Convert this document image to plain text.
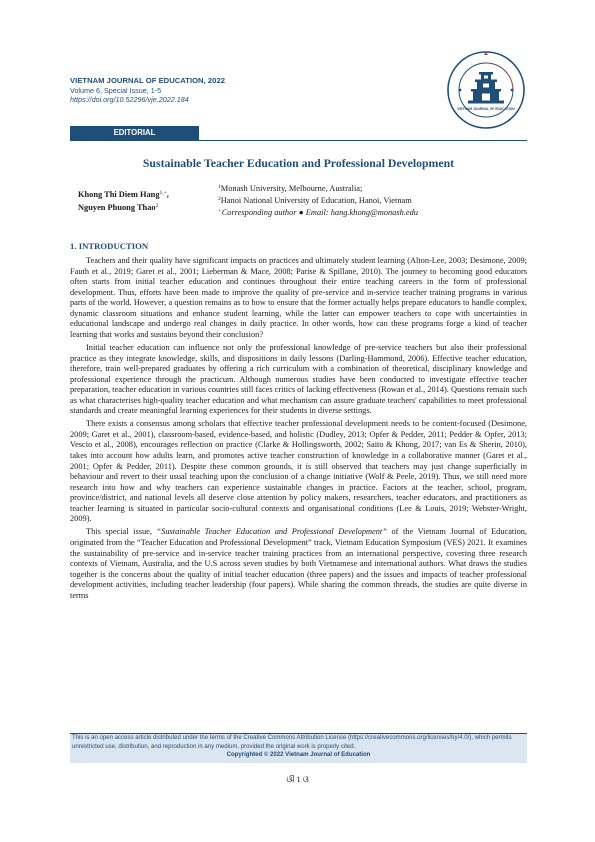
VIETNAM JOURNAL OF EDUCATION, 2022
Volume 6, Special Issue, 1-5
https://doi.org/10.52296/vje.2022.184
VIETNAM JOURNAL OF EDUCATION
EDITORIAL
Sustainable Teacher Education and Professional Development
Khong Thi Diem Hang$^{1,+}$,
Nguyen Phuong Thao$^2$
$^1$Monash University, Melbourne, Australia;
$^2$Hanoi National University of Education, Hanoi, Vietnam
+Corresponding author ● Email: hang.khong@monash.edu
1. INTRODUCTION

Teachers and their quality have significant impacts on practices and ultimately student learning (Alton-Lee, 2003; Desimone, 2009; Fauth et al., 2019; Garet et al., 2001; Lieberman & Mace, 2008; Parise & Spillane, 2010). The journey to becoming good educators often starts from initial teacher education and continues throughout their entire teaching careers in the form of professional development. Thus, efforts have been made to improve the quality of pre-service and in-service teacher training programs in various parts of the world. However, a question remains as to how to ensure that the former actually helps prepare educators to handle complex, dynamic classroom situations and enhance student learning, while the latter can empower teachers to cope with uncertainties in educational landscape and undergo real changes in daily practice. In other words, how can these programs forge a kind of teacher learning that works and sustains beyond their conclusion?

Initial teacher education can influence not only the professional knowledge of pre-service teachers but also their professional practice as they integrate knowledge, skills, and dispositions in daily lessons (Darling-Hammond, 2006). Effective teacher education, therefore, train well-prepared graduates by offering a rich curriculum with a combination of theoretical, disciplinary knowledge and professional experience through the practicum. Although numerous studies have been conducted to investigate effective teacher preparation, teacher education in various countries still faces critics of lacking effectiveness (Rowan et al., 2014). Questions remain such as what characterises high-quality teacher education and what mechanism can assure graduate teachers' capabilities to meet professional standards and create meaningful learning experiences for their students in diverse settings.

There exists a consensus among scholars that effective teacher professional development needs to be content-focused (Desimone, 2009; Garet et al., 2001), classroom-based, evidence-based, and holistic (Dudley, 2013; Opfer & Pedder, 2011; Pedder & Opfer, 2013; Vescio et al., 2008), encourages reflection on practice (Clarke & Hollingsworth, 2002; Saito & Khong, 2017; van Es & Sherin, 2010), takes into account how adults learn, and promotes active teacher construction of knowledge in a collaborative manner (Garet et al., 2001; Opfer & Pedder, 2011). Despite these common grounds, it is still observed that teachers may just change superficially in behaviour and revert to their usual teaching upon the conclusion of a change initiative (Wolf & Peele, 2019). Thus, we still need more research into how and why teachers can experience sustainable changes in practice. Factors at the teacher, school, program, province/district, and national levels all deserve close attention by policy makers, researchers, teacher educators, and practitioners as teacher learning is situated in particular socio-cultural contexts and organisational conditions (Lee & Louis, 2019; Webster-Wright, 2009).

This special issue, “Sustainable Teacher Education and Professional Development” of the Vietnam Journal of Education, originated from the “Teacher Education and Professional Development” track, Vietnam Education Symposium (VES) 2021. It examines the sustainability of pre-service and in-service teacher training practices from an international perspective, covering three research contexts of Vietnam, Australia, and the U.S across seven studies by both Vietnamese and international authors. What draws the studies together is the concerns about the quality of initial teacher education (three papers) and the issues and impacts of teacher professional development activities, including teacher leadership (four papers). While sharing the common threads, the studies are quite diverse in terms

This is an open access article distributed under the terms of the Creative Commons Attribution License (https://creativecommons.org/licenses/by/4.0/), which permits unrestricted use, distribution, and reproduction in any medium, provided the original work is properly cited.
Copyrighted © 2022 Vietnam Journal of Education
ଔ 1 ଓ
